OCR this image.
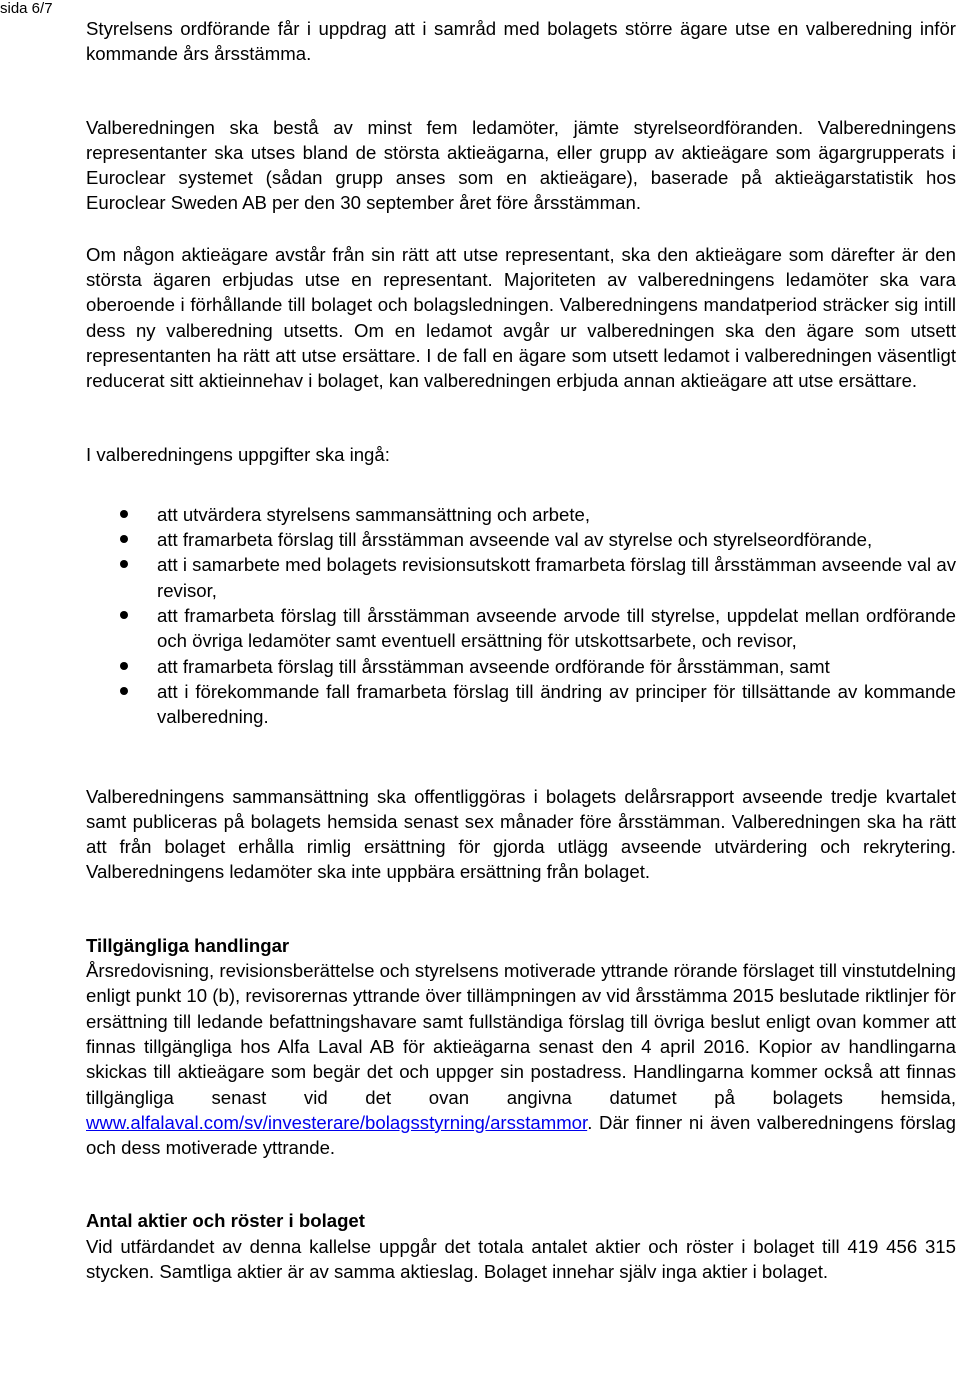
sida 6/7

Styrelsens ordförande får i uppdrag att i samråd med bolagets större ägare utse en valberedning inför kommande års årsstämma.

Valberedningen ska bestå av minst fem ledamöter, jämte styrelseordföranden. Valberedningens representanter ska utses bland de största aktieägarna, eller grupp av aktieägare som ägargrupperats i Euroclear systemet (sådan grupp anses som en aktieägare), baserade på aktieägarstatistik hos Euroclear Sweden AB per den 30 september året före årsstämman.

Om någon aktieägare avstår från sin rätt att utse representant, ska den aktieägare som därefter är den största ägaren erbjudas utse en representant. Majoriteten av valberedningens ledamöter ska vara oberoende i förhållande till bolaget och bolagsledningen. Valberedningens mandatperiod sträcker sig intill dess ny valberedning utsetts. Om en ledamot avgår ur valberedningen ska den ägare som utsett representanten ha rätt att utse ersättare. I de fall en ägare som utsett ledamot i valberedningen väsentligt reducerat sitt aktieinnehav i bolaget, kan valberedningen erbjuda annan aktieägare att utse ersättare.

I valberedningens uppgifter ska ingå:

att utvärdera styrelsens sammansättning och arbete,
att framarbeta förslag till årsstämman avseende val av styrelse och styrelseordförande,
att i samarbete med bolagets revisionsutskott framarbeta förslag till årsstämman avseende val av revisor,
att framarbeta förslag till årsstämman avseende arvode till styrelse, uppdelat mellan ordförande och övriga ledamöter samt eventuell ersättning för utskottsarbete, och revisor,
att framarbeta förslag till årsstämman avseende ordförande för årsstämman, samt
att i förekommande fall framarbeta förslag till ändring av principer för tillsättande av kommande valberedning.

Valberedningens sammansättning ska offentliggöras i bolagets delårsrapport avseende tredje kvartalet samt publiceras på bolagets hemsida senast sex månader före årsstämman. Valberedningen ska ha rätt att från bolaget erhålla rimlig ersättning för gjorda utlägg avseende utvärdering och rekrytering. Valberedningens ledamöter ska inte uppbära ersättning från bolaget.

Tillgängliga handlingar

Årsredovisning, revisionsberättelse och styrelsens motiverade yttrande rörande förslaget till vinstutdelning enligt punkt 10 (b), revisorernas yttrande över tillämpningen av vid årsstämma 2015 beslutade riktlinjer för ersättning till ledande befattningshavare samt fullständiga förslag till övriga beslut enligt ovan kommer att finnas tillgängliga hos Alfa Laval AB för aktieägarna senast den 4 april 2016. Kopior av handlingarna skickas till aktieägare som begär det och uppger sin postadress. Handlingarna kommer också att finnas tillgängliga senast vid det ovan angivna datumet på bolagets hemsida, www.alfalaval.com/sv/investerare/bolagsstyrning/arsstammor. Där finner ni även valberedningens förslag och dess motiverade yttrande.

Antal aktier och röster i bolaget

Vid utfärdandet av denna kallelse uppgår det totala antalet aktier och röster i bolaget till 419 456 315 stycken. Samtliga aktier är av samma aktieslag. Bolaget innehar själv inga aktier i bolaget.
